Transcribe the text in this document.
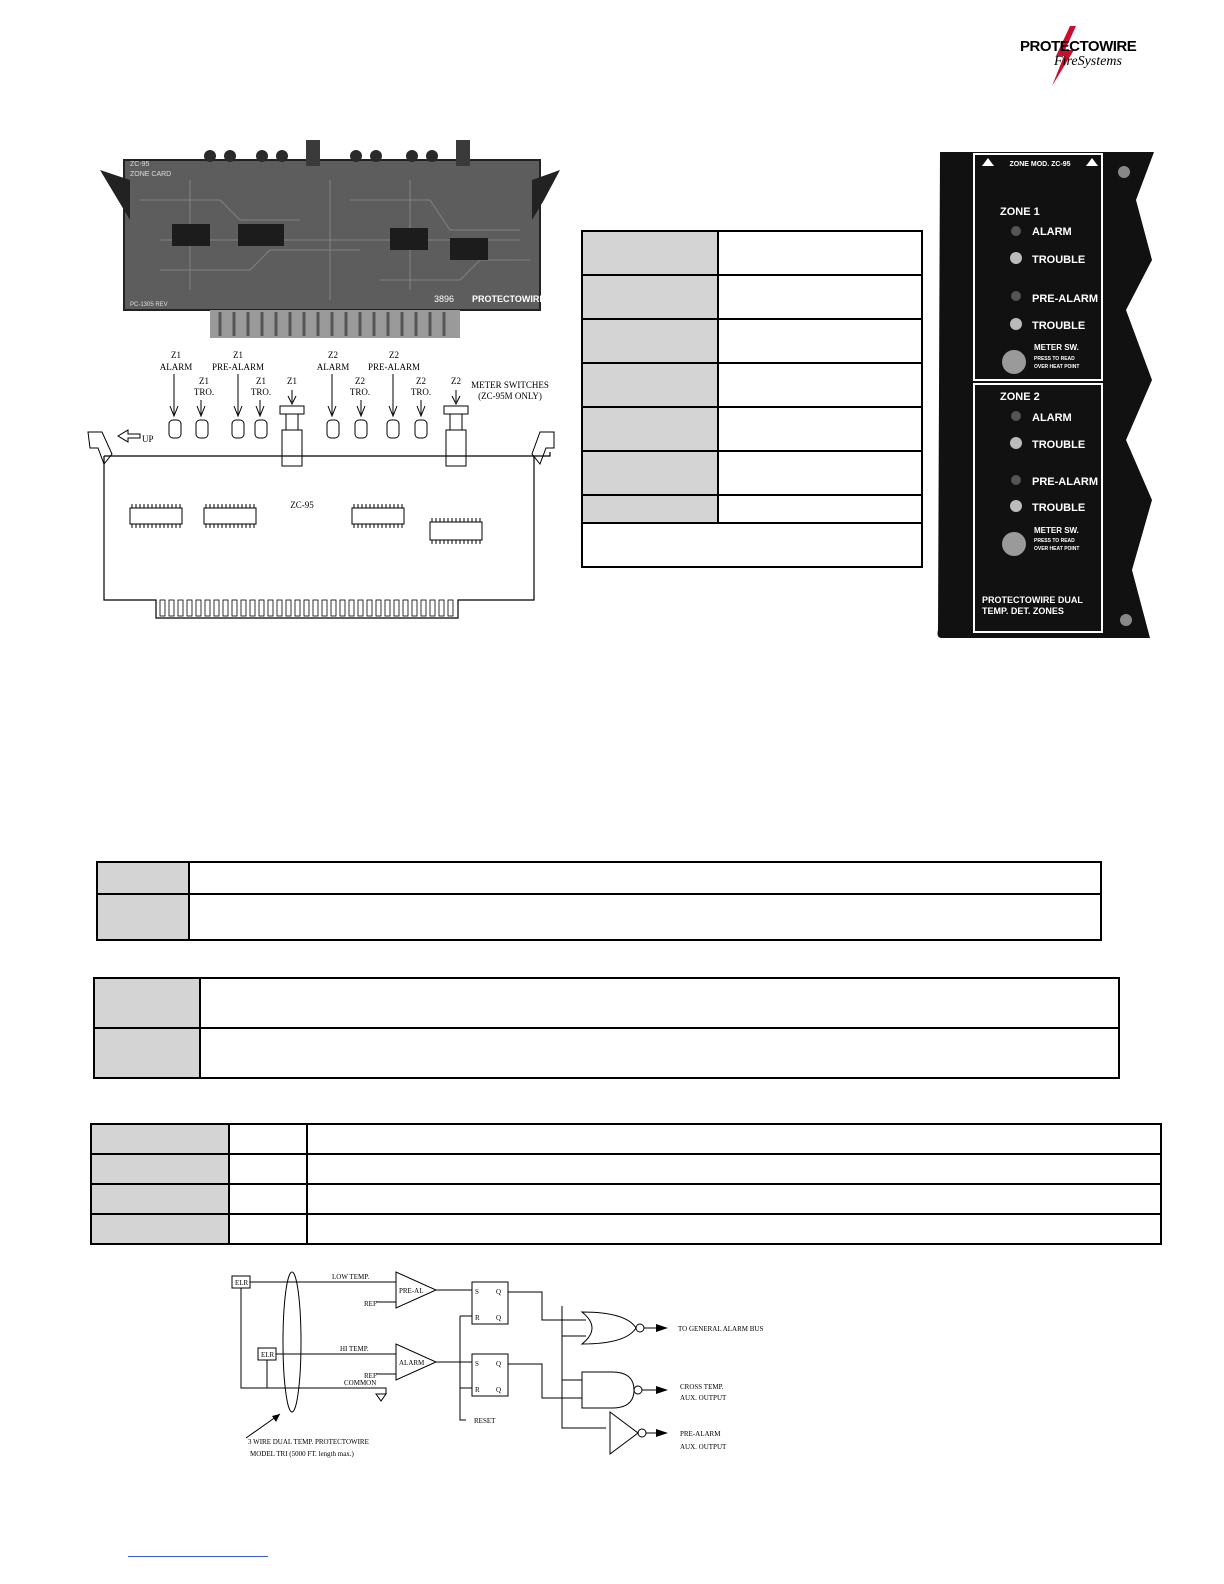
PROTECTOWIRE
FireSystems
ZC-95
ZONE CARD
3896 PROTECTOWIRE
PC-1305 REV
Z1
ALARM
Z1
PRE-ALARM
Z1
TRO.
Z1
TRO.
Z1
Z2
ALARM
Z2
PRE-ALARM
Z2
TRO.
Z2
TRO.
Z2 METER SWITCHES
(ZC-95M ONLY)
UP
ZC-95

ZONE MOD. ZC-95
ZONE 1
ALARM
TROUBLE
PRE-ALARM
TROUBLE
METER SW.
PRESS TO READ
OVER HEAT POINT
ZONE 2
ALARM
TROUBLE
PRE-ALARM
TROUBLE
METER SW.
PRESS TO READ
OVER HEAT POINT
PROTECTOWIRE DUAL
TEMP. DET. ZONES

ELR
ELR
LOW TEMP.
HI TEMP.
COMMON
REF
REF
PRE-AL
ALARM
S
R
Q
Q
S
R
Q
Q
RESET
TO GENERAL ALARM BUS
CROSS TEMP.
AUX. OUTPUT
PRE-ALARM
AUX. OUTPUT
3 WIRE DUAL TEMP. PROTECTOWIRE
MODEL TRI (5000 FT. length max.)
